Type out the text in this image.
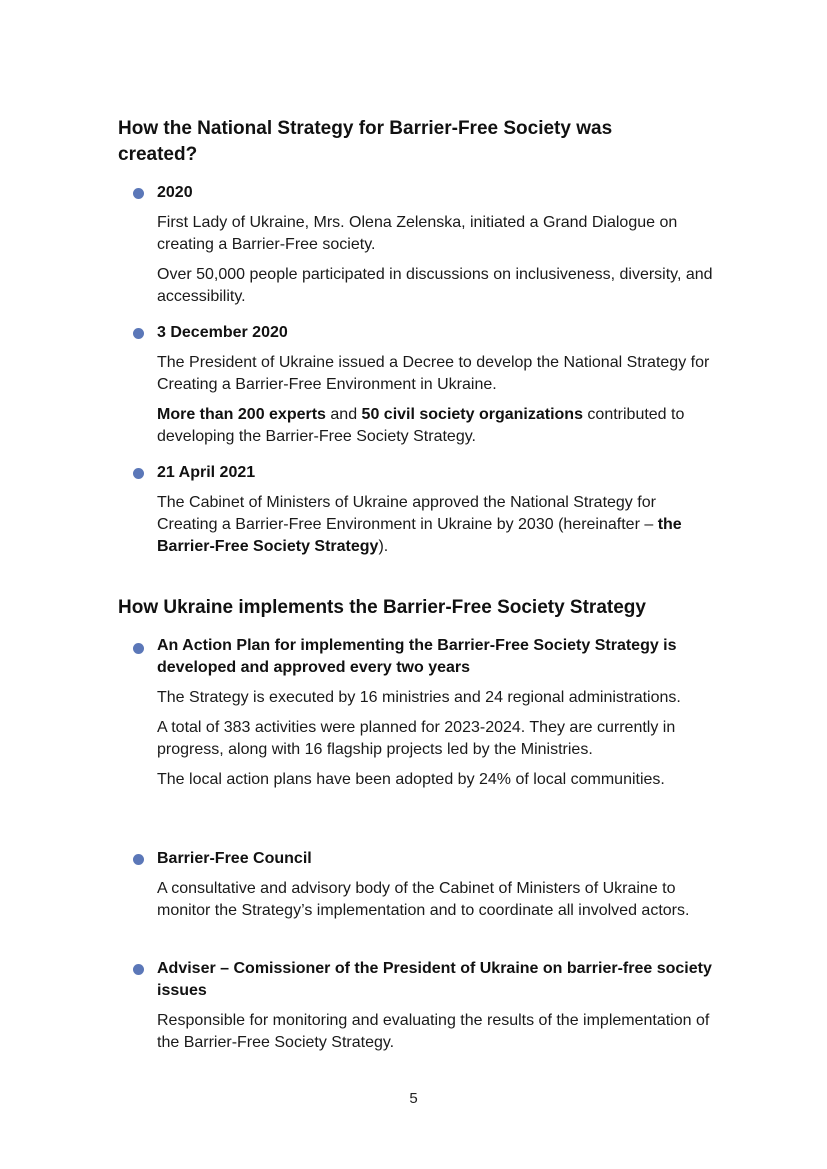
How the National Strategy for Barrier-Free Society was created?

2020

First Lady of Ukraine, Mrs. Olena Zelenska, initiated a Grand Dialogue on creating a Barrier-Free society.

Over 50,000 people participated in discussions on inclusiveness, diversity, and accessibility.

3 December 2020

The President of Ukraine issued a Decree to develop the National Strategy for Creating a Barrier-Free Environment in Ukraine.

More than 200 experts and 50 civil society organizations contributed to developing the Barrier-Free Society Strategy.

21 April 2021

The Cabinet of Ministers of Ukraine approved the National Strategy for Creating a Barrier-Free Environment in Ukraine by 2030 (hereinafter – the Barrier-Free Society Strategy).

How Ukraine implements the Barrier-Free Society Strategy

An Action Plan for implementing the Barrier-Free Society Strategy is developed and approved every two years

The Strategy is executed by 16 ministries and 24 regional administrations.

A total of 383 activities were planned for 2023-2024. They are currently in progress, along with 16 flagship projects led by the Ministries.

The local action plans have been adopted by 24% of local communities.

Barrier-Free Council

A consultative and advisory body of the Cabinet of Ministers of Ukraine to monitor the Strategy’s implementation and to coordinate all involved actors.

Adviser – Comissioner of the President of Ukraine on barrier-free society issues

Responsible for monitoring and evaluating the results of the implementation of the Barrier-Free Society Strategy.

5
